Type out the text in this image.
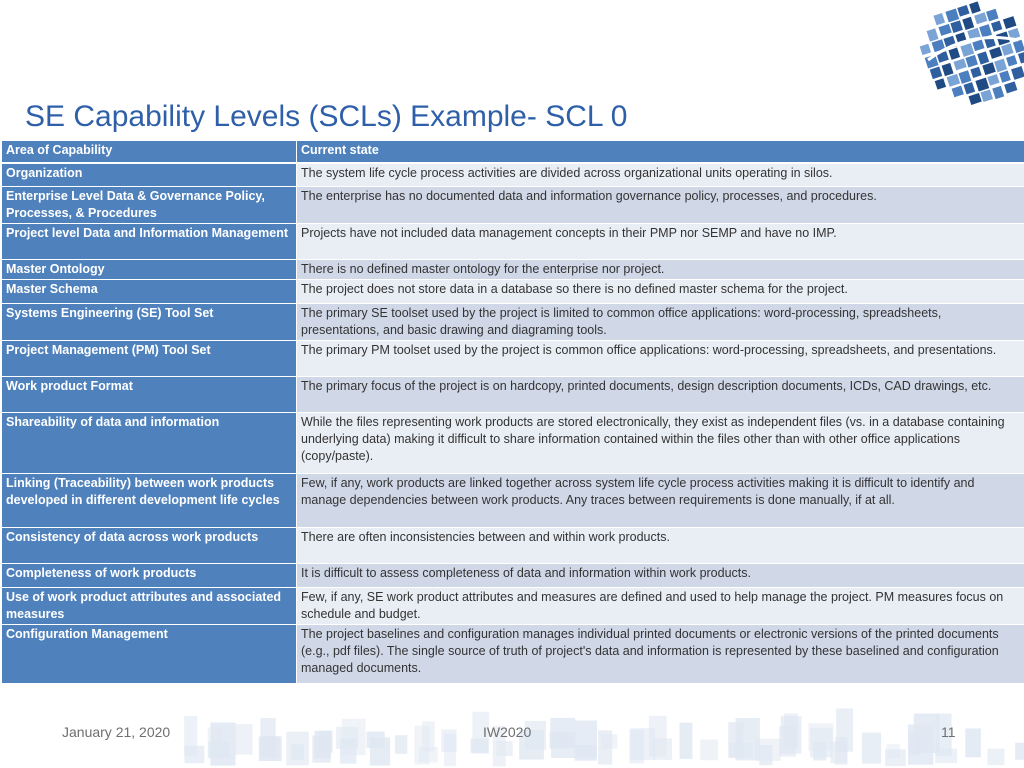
SE Capability Levels (SCLs) Example- SCL 0
Area of Capability	Current state
Organization	The system life cycle process activities are divided across organizational units operating in silos.
Enterprise Level Data & Governance Policy, Processes, & Procedures	The enterprise has no documented data and information governance policy, processes, and procedures.
Project level Data and Information Management	Projects have not included data management concepts in their PMP nor SEMP and have no IMP.
Master Ontology	There is no defined master ontology for the enterprise nor project.
Master Schema	The project does not store data in a database so there is no defined master schema for the project.
Systems Engineering (SE) Tool Set	The primary SE toolset used by the project is limited to common office applications: word-processing, spreadsheets, presentations, and basic drawing and diagraming tools.
Project Management (PM) Tool Set	The primary PM toolset used by the project is common office applications: word-processing, spreadsheets, and presentations.
Work product Format	The primary focus of the project is on hardcopy, printed documents, design description documents, ICDs, CAD drawings, etc.
Shareability of data and information	While the files representing work products are stored electronically, they exist as independent files (vs. in a database containing underlying data) making it difficult to share information contained within the files other than with other office applications (copy/paste).
Linking (Traceability) between work products developed in different development life cycles	Few, if any, work products are linked together across system life cycle process activities making it is difficult to identify and manage dependencies between work products. Any traces between requirements is done manually, if at all.
Consistency of data across work products	There are often inconsistencies between and within work products.
Completeness of work products	It is difficult to assess completeness of data and information within work products.
Use of work product attributes and associated measures	Few, if any, SE work product attributes and measures are defined and used to help manage the project. PM measures focus on schedule and budget.
Configuration Management	The project baselines and configuration manages individual printed documents or electronic versions of the printed documents (e.g., pdf files). The single source of truth of project's data and information is represented by these baselined and configuration managed documents.
January 21, 2020	IW2020	11
